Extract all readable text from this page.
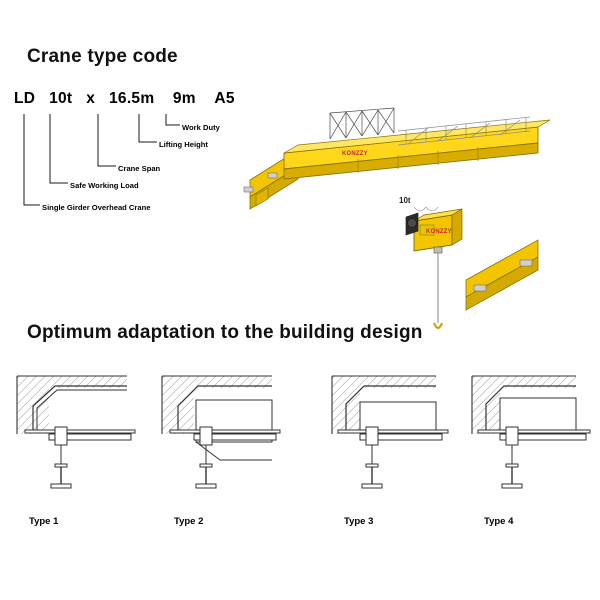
Crane type code
LD 10t x 16.5m 9m A5
Work Duty
Lifting Height
Crane Span
Safe Working Load
Single Girder Overhead Crane
KONZZY
KONZZY
10t
Optimum adaptation to the building design
Type 1	Type 2	Type 3	Type 4
